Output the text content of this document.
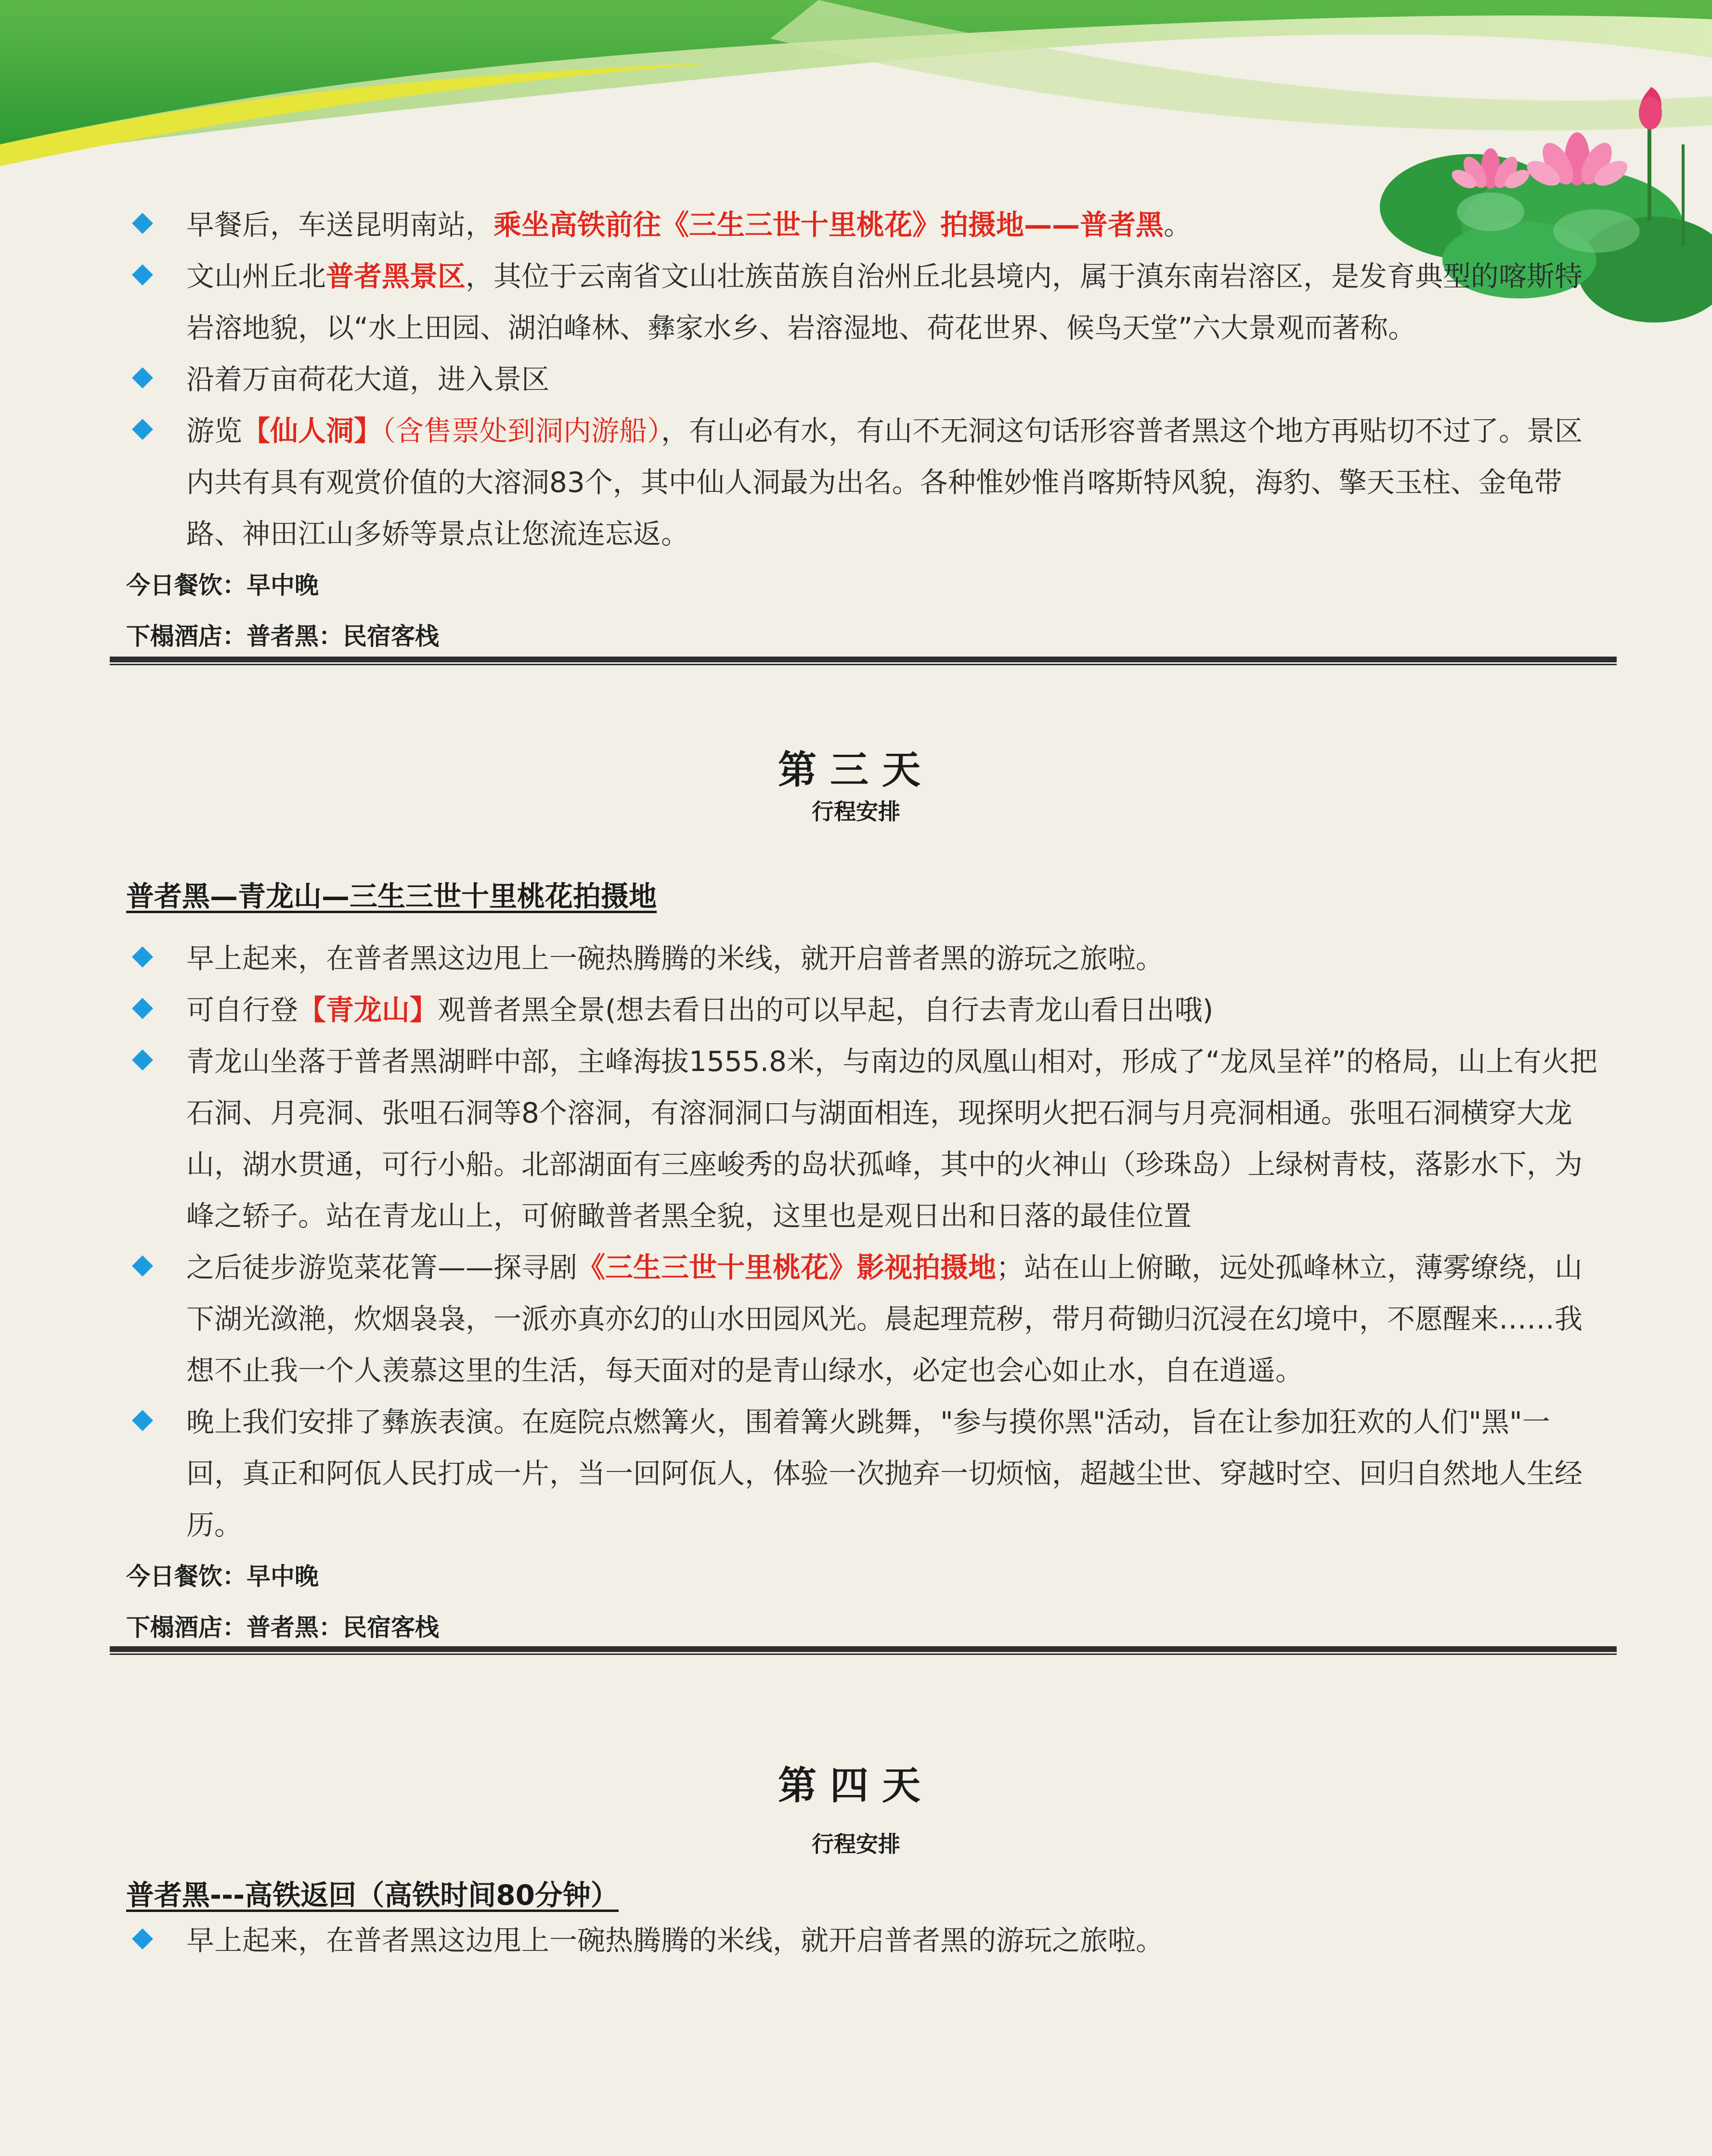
早餐后，车送昆明南站，乘坐高铁前往《三生三世十里桃花》拍摄地——普者黑。
文山州丘北普者黑景区，其位于云南省文山壮族苗族自治州丘北县境内，属于滇东南岩溶区，是发育典型的喀斯特岩溶地貌，以“水上田园、湖泊峰林、彝家水乡、岩溶湿地、荷花世界、候鸟天堂”六大景观而著称。
沿着万亩荷花大道，进入景区
游览【仙人洞】（含售票处到洞内游船），有山必有水，有山不无洞这句话形容普者黑这个地方再贴切不过了。景区内共有具有观赏价值的大溶洞83个，其中仙人洞最为出名。各种惟妙惟肖喀斯特风貌，海豹、擎天玉柱、金龟带路、神田江山多娇等景点让您流连忘返。
今日餐饮：早中晚
下榻酒店：普者黑：民宿客栈
第三天
行程安排
普者黑—青龙山—三生三世十里桃花拍摄地
早上起来，在普者黑这边甩上一碗热腾腾的米线，就开启普者黑的游玩之旅啦。
可自行登【青龙山】观普者黑全景(想去看日出的可以早起，自行去青龙山看日出哦)
青龙山坐落于普者黑湖畔中部，主峰海拔1555.8米，与南边的凤凰山相对，形成了“龙凤呈祥”的格局，山上有火把石洞、月亮洞、张咀石洞等8个溶洞，有溶洞洞口与湖面相连，现探明火把石洞与月亮洞相通。张咀石洞横穿大龙山，湖水贯通，可行小船。北部湖面有三座峻秀的岛状孤峰，其中的火神山（珍珠岛）上绿树青枝，落影水下，为峰之轿子。站在青龙山上，可俯瞰普者黑全貌，这里也是观日出和日落的最佳位置
之后徒步游览菜花箐——探寻剧《三生三世十里桃花》影视拍摄地；站在山上俯瞰，远处孤峰林立，薄雾缭绕，山下湖光潋滟，炊烟袅袅，一派亦真亦幻的山水田园风光。晨起理荒秽，带月荷锄归沉浸在幻境中，不愿醒来……我想不止我一个人羡慕这里的生活，每天面对的是青山绿水，必定也会心如止水，自在逍遥。
晚上我们安排了彝族表演。在庭院点燃篝火，围着篝火跳舞，"参与摸你黑"活动，旨在让参加狂欢的人们"黑"一回，真正和阿佤人民打成一片，当一回阿佤人，体验一次抛弃一切烦恼，超越尘世、穿越时空、回归自然地人生经历。
今日餐饮：早中晚
下榻酒店：普者黑：民宿客栈
第四天
行程安排
普者黑---高铁返回（高铁时间80分钟）
早上起来，在普者黑这边甩上一碗热腾腾的米线，就开启普者黑的游玩之旅啦。
